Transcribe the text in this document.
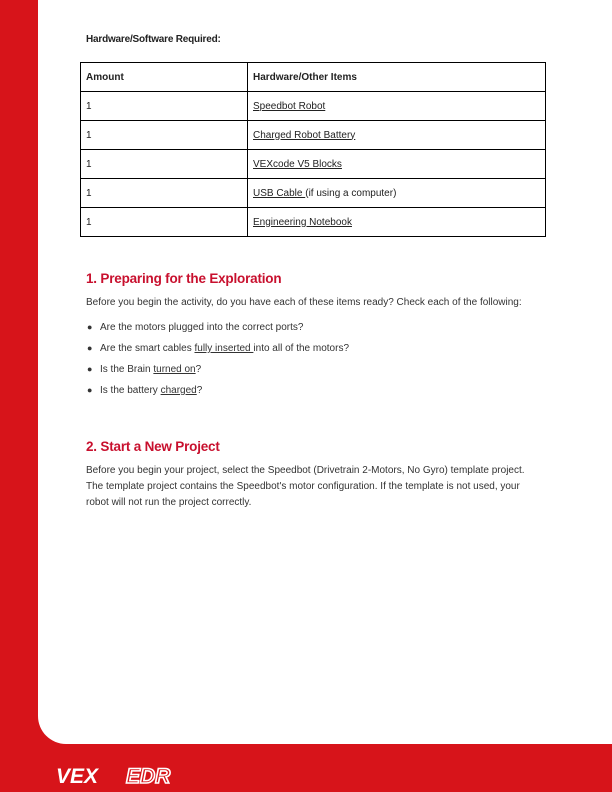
Hardware/Software Required:
Amount	Hardware/Other Items
1	Speedbot Robot
1	Charged Robot Battery
1	VEXcode V5 Blocks
1	USB Cable (if using a computer)
1	Engineering Notebook
1. Preparing for the Exploration

Before you begin the activity, do you have each of these items ready? Check each of the following:

● Are the motors plugged into the correct ports?
● Are the smart cables fully inserted into all of the motors?
● Is the Brain turned on?
● Is the battery charged?
2. Start a New Project

Before you begin your project, select the Speedbot (Drivetrain 2-Motors, No Gyro) template project. The template project contains the Speedbot's motor configuration. If the template is not used, your robot will not run the project correctly.

VEX EDR
